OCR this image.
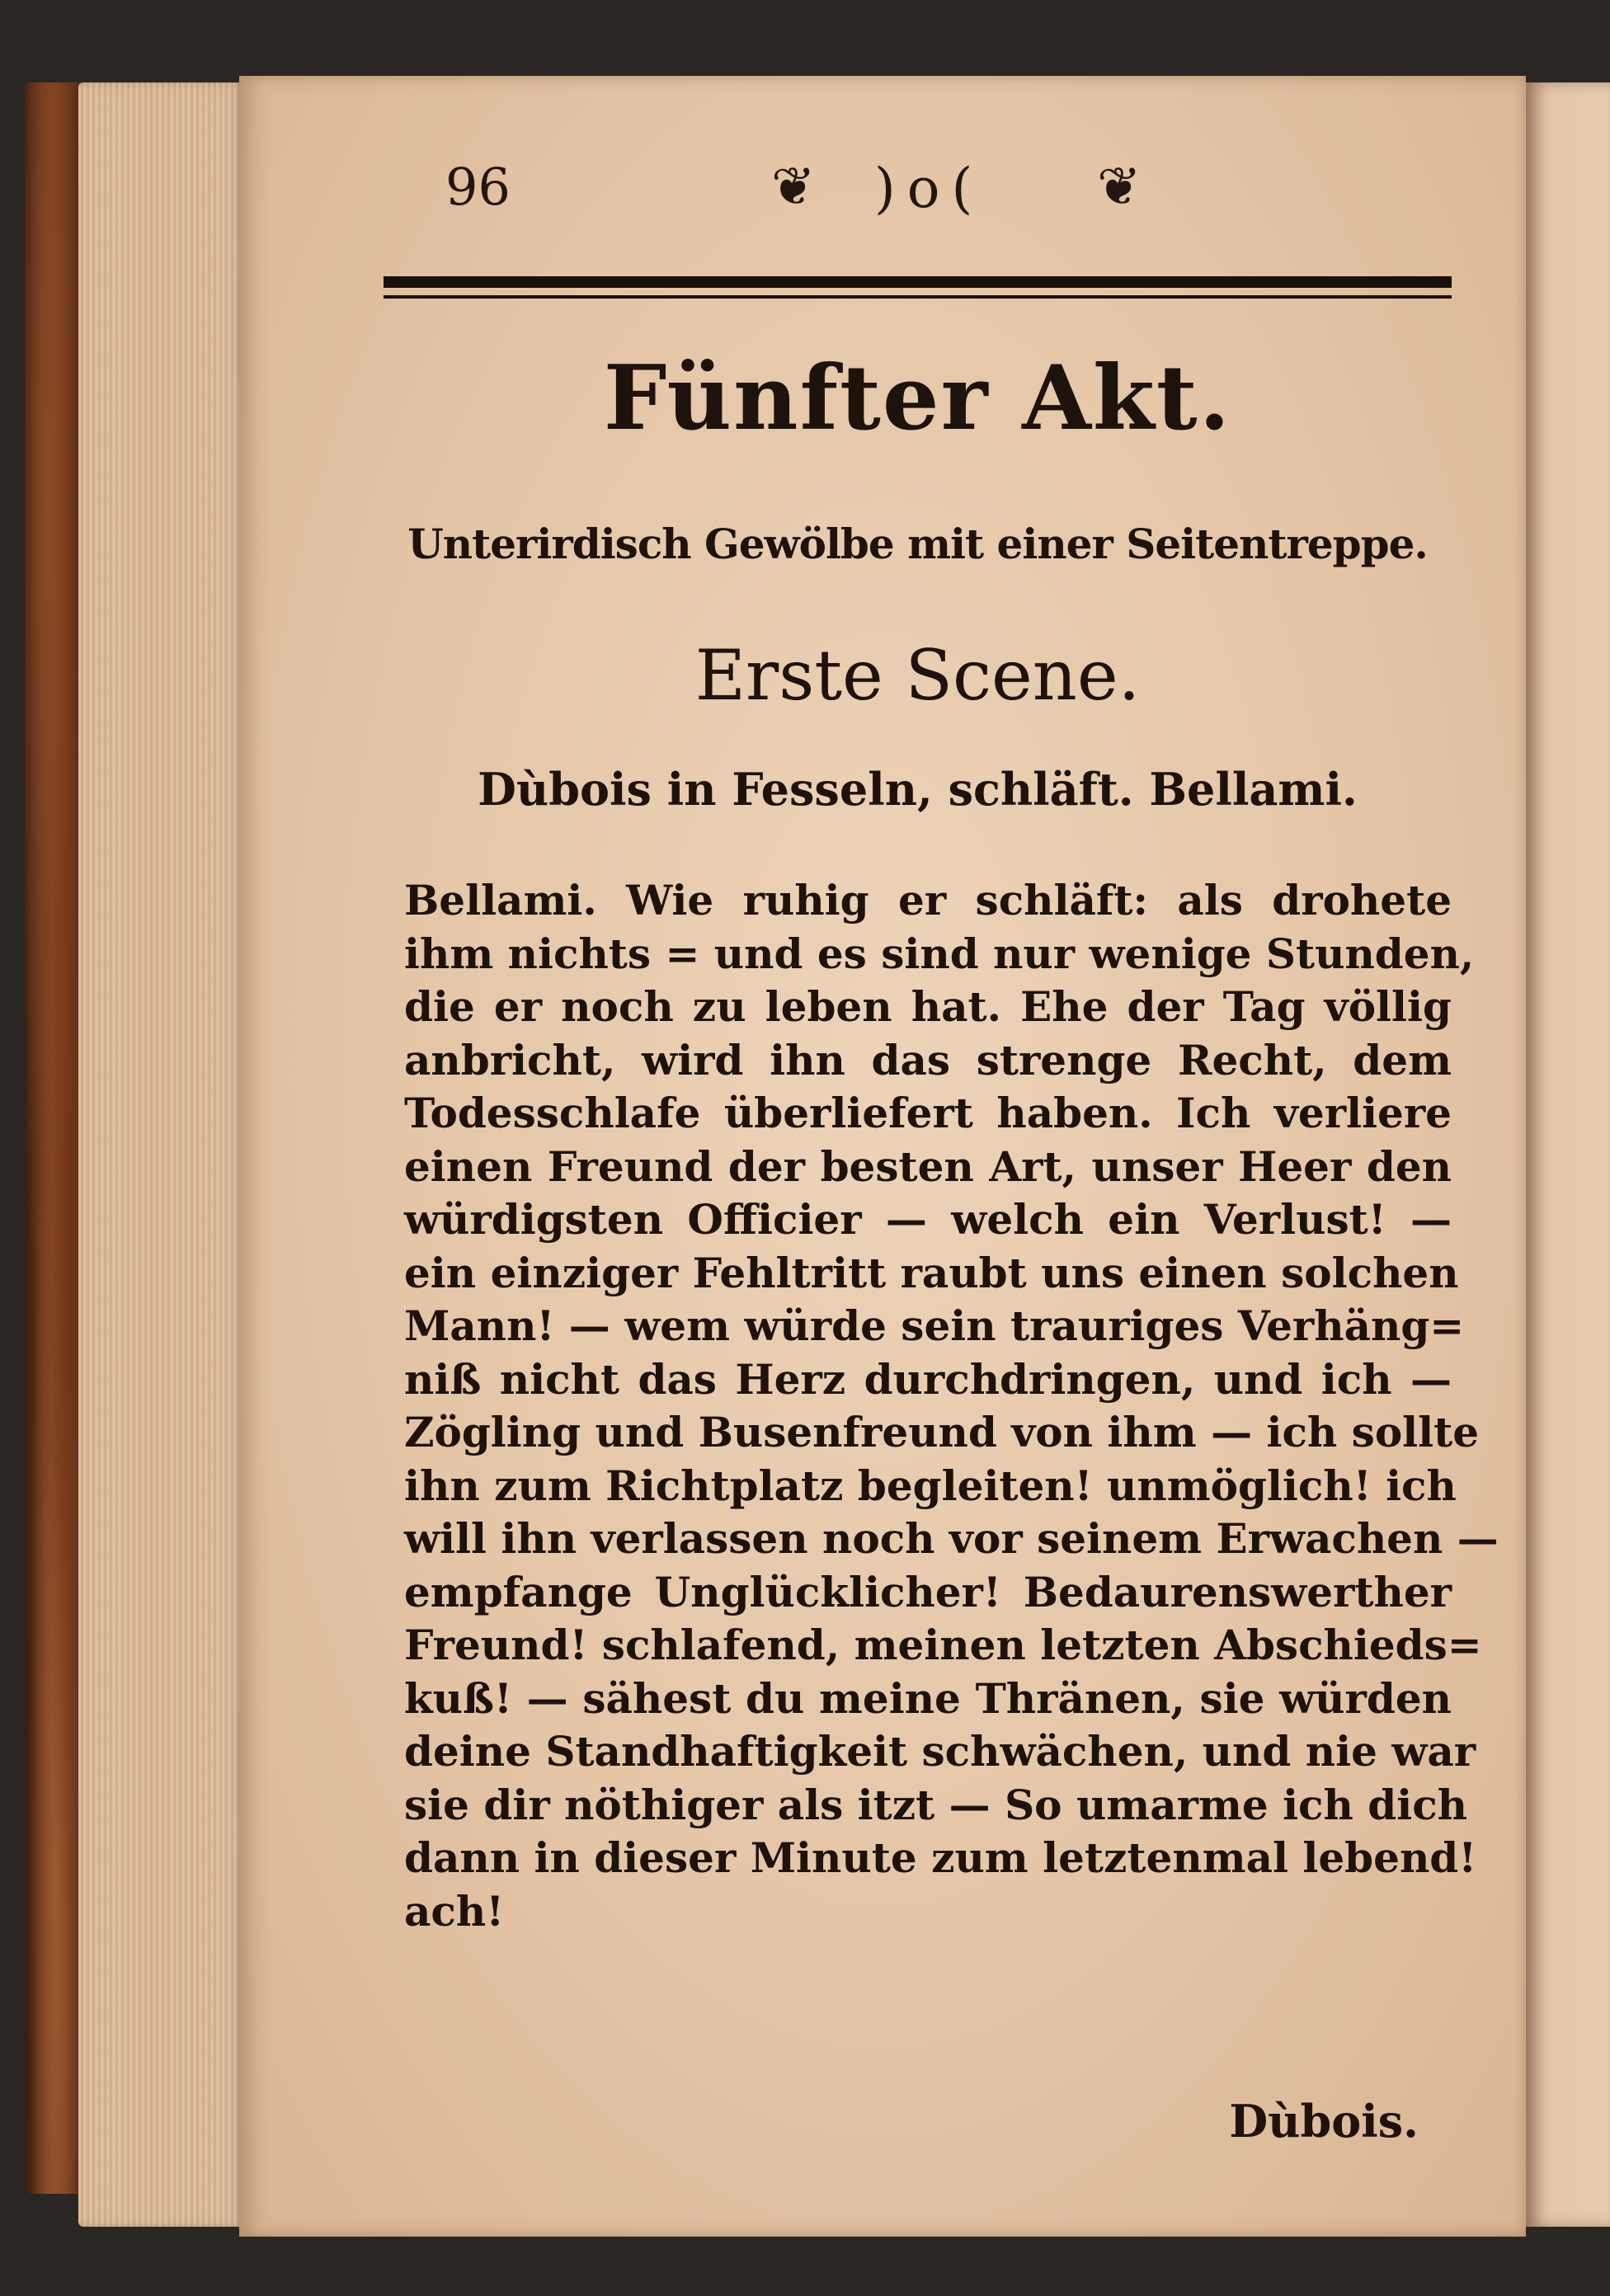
96	❦ )o( ❦
Fünfter Akt.
Unterirdisch Gewölbe mit einer Seitentreppe.
Erste Scene.
Dùbois in Fesseln, schläft. Bellami.
Bellami. Wie ruhig er schläft: als drohete
ihm nichts = und es sind nur wenige Stunden,
die er noch zu leben hat. Ehe der Tag völlig
anbricht, wird ihn das strenge Recht, dem
Todesschlafe überliefert haben. Ich verliere
einen Freund der besten Art, unser Heer den
würdigsten Officier — welch ein Verlust! —
ein einziger Fehltritt raubt uns einen solchen
Mann! — wem würde sein trauriges Verhäng=
niß nicht das Herz durchdringen, und ich —
Zögling und Busenfreund von ihm — ich sollte
ihn zum Richtplatz begleiten! unmöglich! ich
will ihn verlassen noch vor seinem Erwachen —
empfange Unglücklicher! Bedaurenswerther
Freund! schlafend, meinen letzten Abschieds=
kuß! — sähest du meine Thränen, sie würden
deine Standhaftigkeit schwächen, und nie war
sie dir nöthiger als itzt — So umarme ich dich
dann in dieser Minute zum letztenmal lebend!
ach!
Dùbois.
